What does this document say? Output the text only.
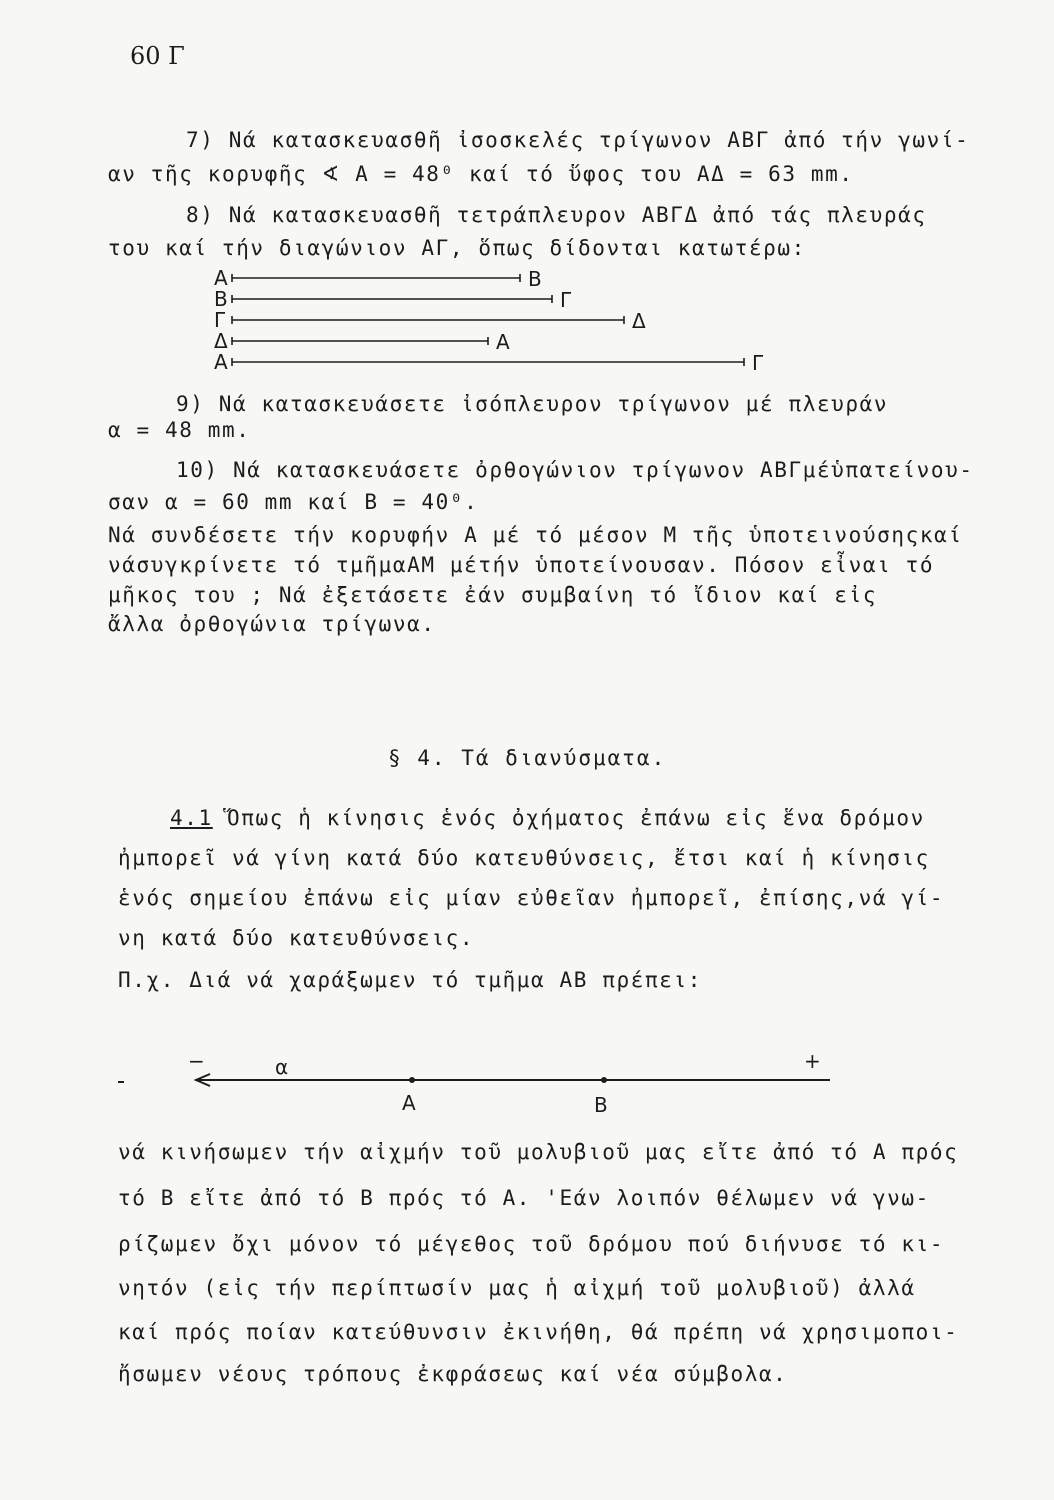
60 Γ
7) Νά κατασκευασθῆ ἰσοσκελές τρίγωνον ΑΒΓ ἀπό τήν γωνί-
αν τῆς κορυφῆς ∢ Α = 48⁰ καί τό ὕφος του ΑΔ = 63 mm.
8) Νά κατασκευασθῆ τετράπλευρον ΑΒΓΔ ἀπό τάς πλευράς
του καί τήν διαγώνιον ΑΓ, ὅπως δίδονται κατωτέρω:
Α	Β
Β	Γ
Γ	Δ
Δ	Α
Α	Γ
9) Νά κατασκευάσετε ἰσόπλευρον τρίγωνον μέ πλευράν
α = 48 mm.
10) Νά κατασκευάσετε ὀρθογώνιον τρίγωνον ΑΒΓμέὑπατείνου-
σαν α = 60 mm καί Β = 40⁰.
Νά συνδέσετε τήν κορυφήν Α μέ τό μέσον Μ τῆς ὑποτεινούσηςκαί
νάσυγκρίνετε τό τμῆμαΑΜ μέτήν ὑποτείνουσαν. Πόσον εἶναι τό
μῆκος του ; Νά ἐξετάσετε ἐάν συμβαίνη τό ἴδιον καί εἰς
ἄλλα ὀρθογώνια τρίγωνα.
§ 4. Τά διανύσματα.
4.1 Ὅπως ἡ κίνησις ἑνός ὀχήματος ἐπάνω εἰς ἕνα δρόμον
ἠμπορεῖ νά γίνη κατά δύο κατευθύνσεις, ἔτσι καί ἡ κίνησις
ἑνός σημείου ἐπάνω εἰς μίαν εὐθεῖαν ἠμπορεῖ, ἐπίσης,νά γί-
νη κατά δύο κατευθύνσεις.
Π.χ. Διά νά χαράξωμεν τό τμῆμα ΑΒ πρέπει:
−	+
α
Α	Β
νά κινήσωμεν τήν αἰχμήν τοῦ μολυβιοῦ μας εἴτε ἀπό τό Α πρός
τό Β εἴτε ἀπό τό Β πρός τό Α. 'Εάν λοιπόν θέλωμεν νά γνω-
ρίζωμεν ὄχι μόνον τό μέγεθος τοῦ δρόμου πού διήνυσε τό κι-
νητόν (εἰς τήν περίπτωσίν μας ἡ αἰχμή τοῦ μολυβιοῦ) ἀλλά
καί πρός ποίαν κατεύθυνσιν ἐκινήθη, θά πρέπη νά χρησιμοποι-
ἤσωμεν νέους τρόπους ἐκφράσεως καί νέα σύμβολα.
